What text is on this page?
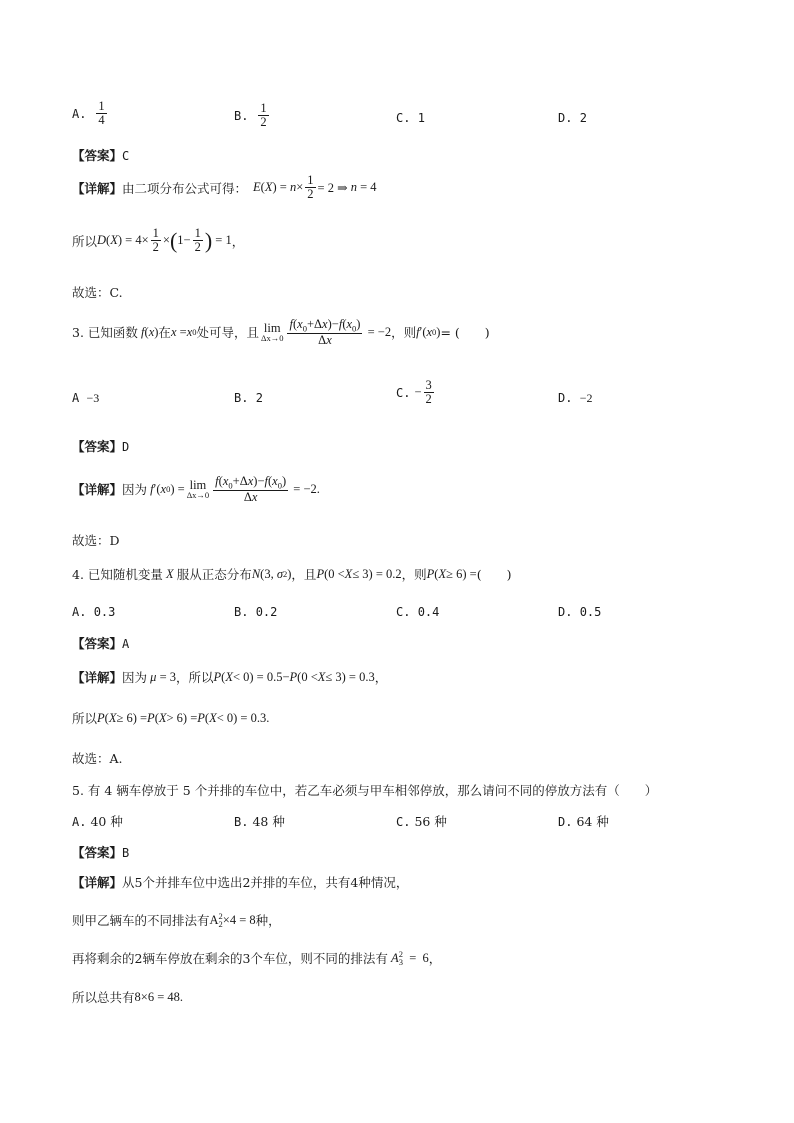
A.
$\frac{1}{4}$	B.
$\frac{1}{2}$	C. 1	D. 2
【答案】C
【详解】 由二项分布公式可得： E ( X ) = $n \times \frac{1}{2} = 2$ ⇒ n = 4
所以 D ( X ) = $4\times \frac{1}{2}$ × ( $1- \frac{1}{2}$ ) = 1 ，
故选：C.
3. 已知函数 f ( x ) 在 x = x 0 处可导，且 lim
$\Delta x\to 0 \frac{f(x_0+\Delta x)-f(x_0)}{\Delta x} = -2$ ，则 f ′( x 0 ) = (　　)
A −3	B. 2	C.
− $\frac{3}{2}$	D. −2
【答案】D
【详解】 因为 f ′( x 0 ) = lim
$\Delta x\to 0 \frac{f(x_0+\Delta x)-f(x_0)}{\Delta x} = -2$.
故选：D
4. 已知随机变量 X 服从正态分布 N (3, σ 2 ) ，且 P (0 < X ≤ 3) = 0.2 ，则 P ( X ≥ 6) = (　　)
A. 0.3	B. 0.2	C. 0.4	D. 0.5
【答案】A
【详解】 因为 μ = 3 ，所以 P ( X < 0) = 0.5− P (0 < X ≤ 3) = 0.3 ，
所以 P ( X ≥ 6) = P ( X > 6) = P ( X < 0) = 0.3.
故选：A.
5. 有 4 辆车停放于 5 个并排的车位中，若乙车必须与甲车相邻停放，那么请问不同的停放方法有（　　）
A. 40 种	B. 48 种	C. 56 种	D. 64 种
【答案】B
【详解】从5个并排车位中选出2并排的车位，共有4种情况，
则甲乙辆车的不同排法有 A 2
2 ×4 = 8 种，
再将剩余的2辆车停放在剩余的3个车位，则不同的排法有 A 2
3 =  6 ，
所以总共有 8×6 = 48.
